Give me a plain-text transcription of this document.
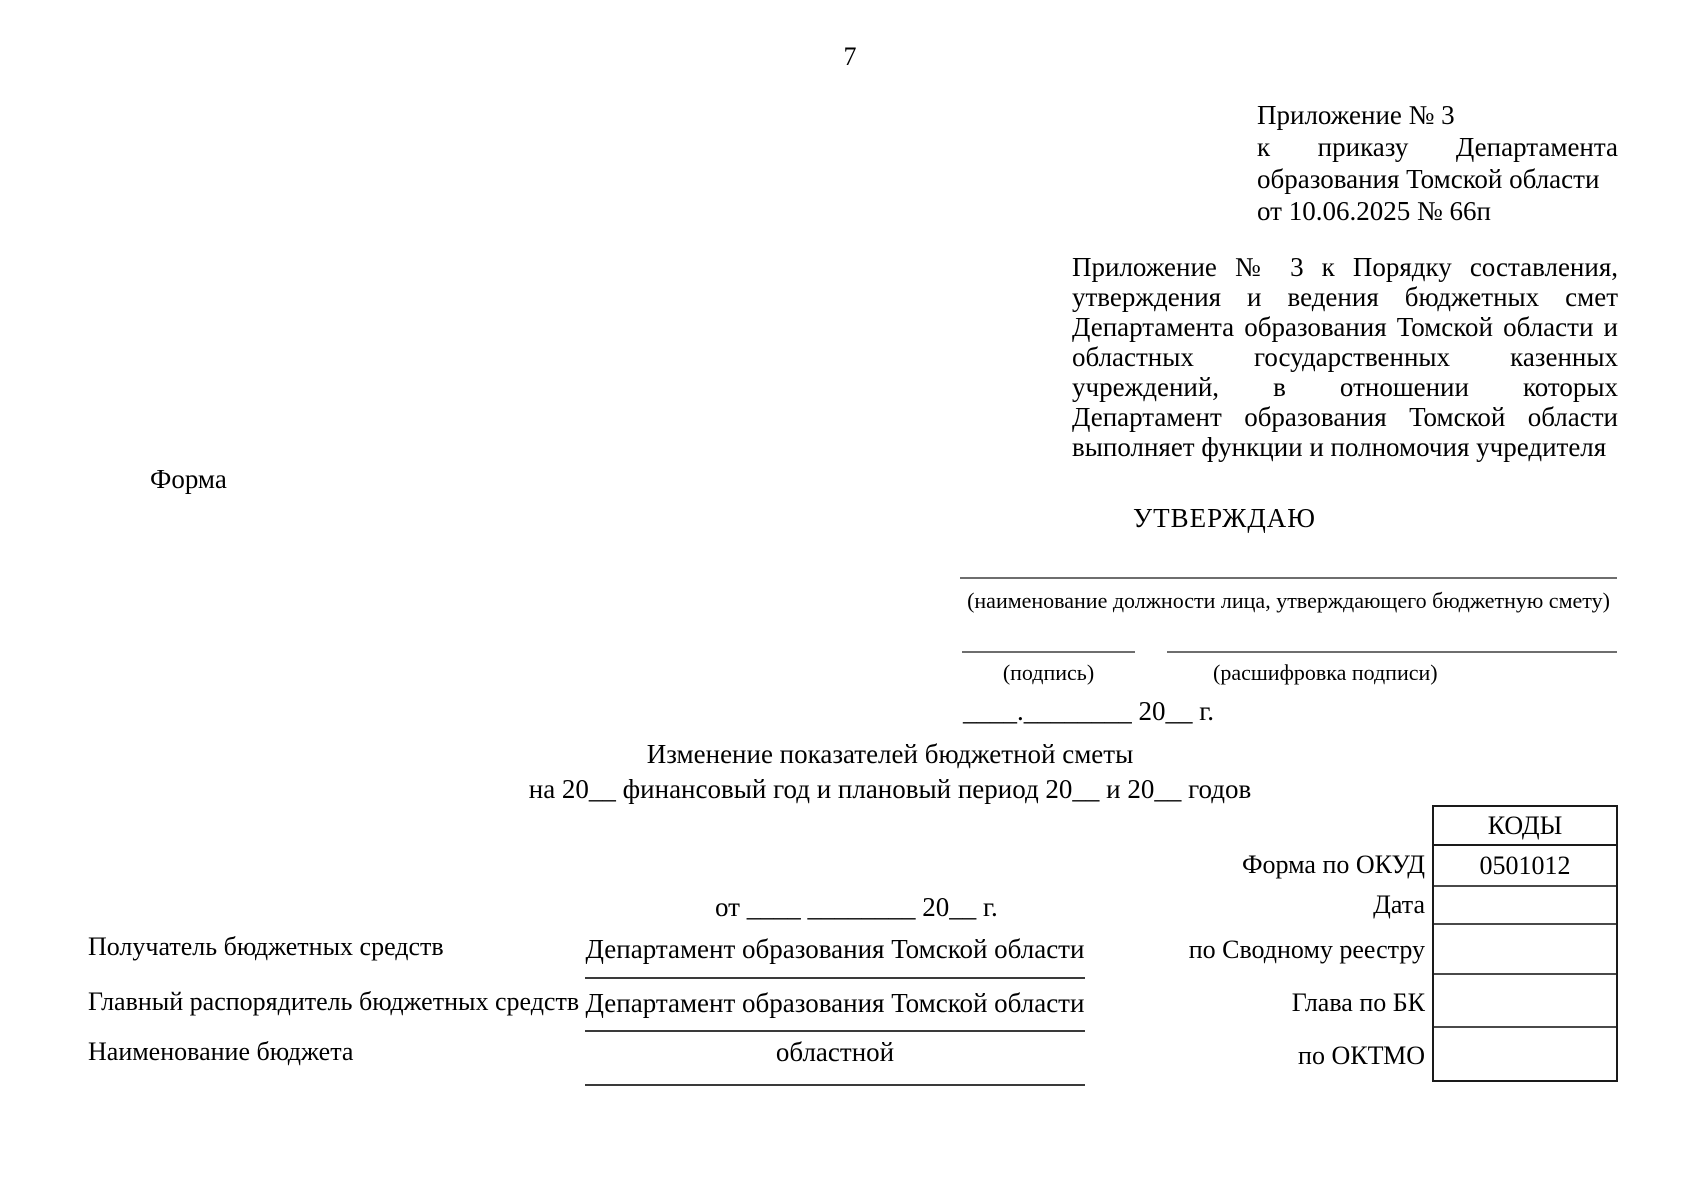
7
Приложение № 3
к приказу Департамента
образования Томской области
от 10.06.2025 № 66п
Приложение № 3 к Порядку составления,
утверждения и ведения бюджетных смет
Департамента образования Томской области и
областных государственных казенных
учреждений, в отношении которых
Департамент образования Томской области
выполняет функции и полномочия учредителя
Форма
УТВЕРЖДАЮ
(наименование должности лица, утверждающего бюджетную смету)
(подпись)	(расшифровка подписи)
____.________ 20__ г.
Изменение показателей бюджетной сметы
на 20__ финансовый год и плановый период 20__ и 20__ годов
от ____ ________ 20__ г.
Получатель бюджетных средств
Главный распорядитель бюджетных средств
Наименование бюджета
Департамент образования Томской области
Департамент образования Томской области
областной
Форма по ОКУД
Дата
по Сводному реестру
Глава по БК
по ОКТМО
КОДЫ
0501012
